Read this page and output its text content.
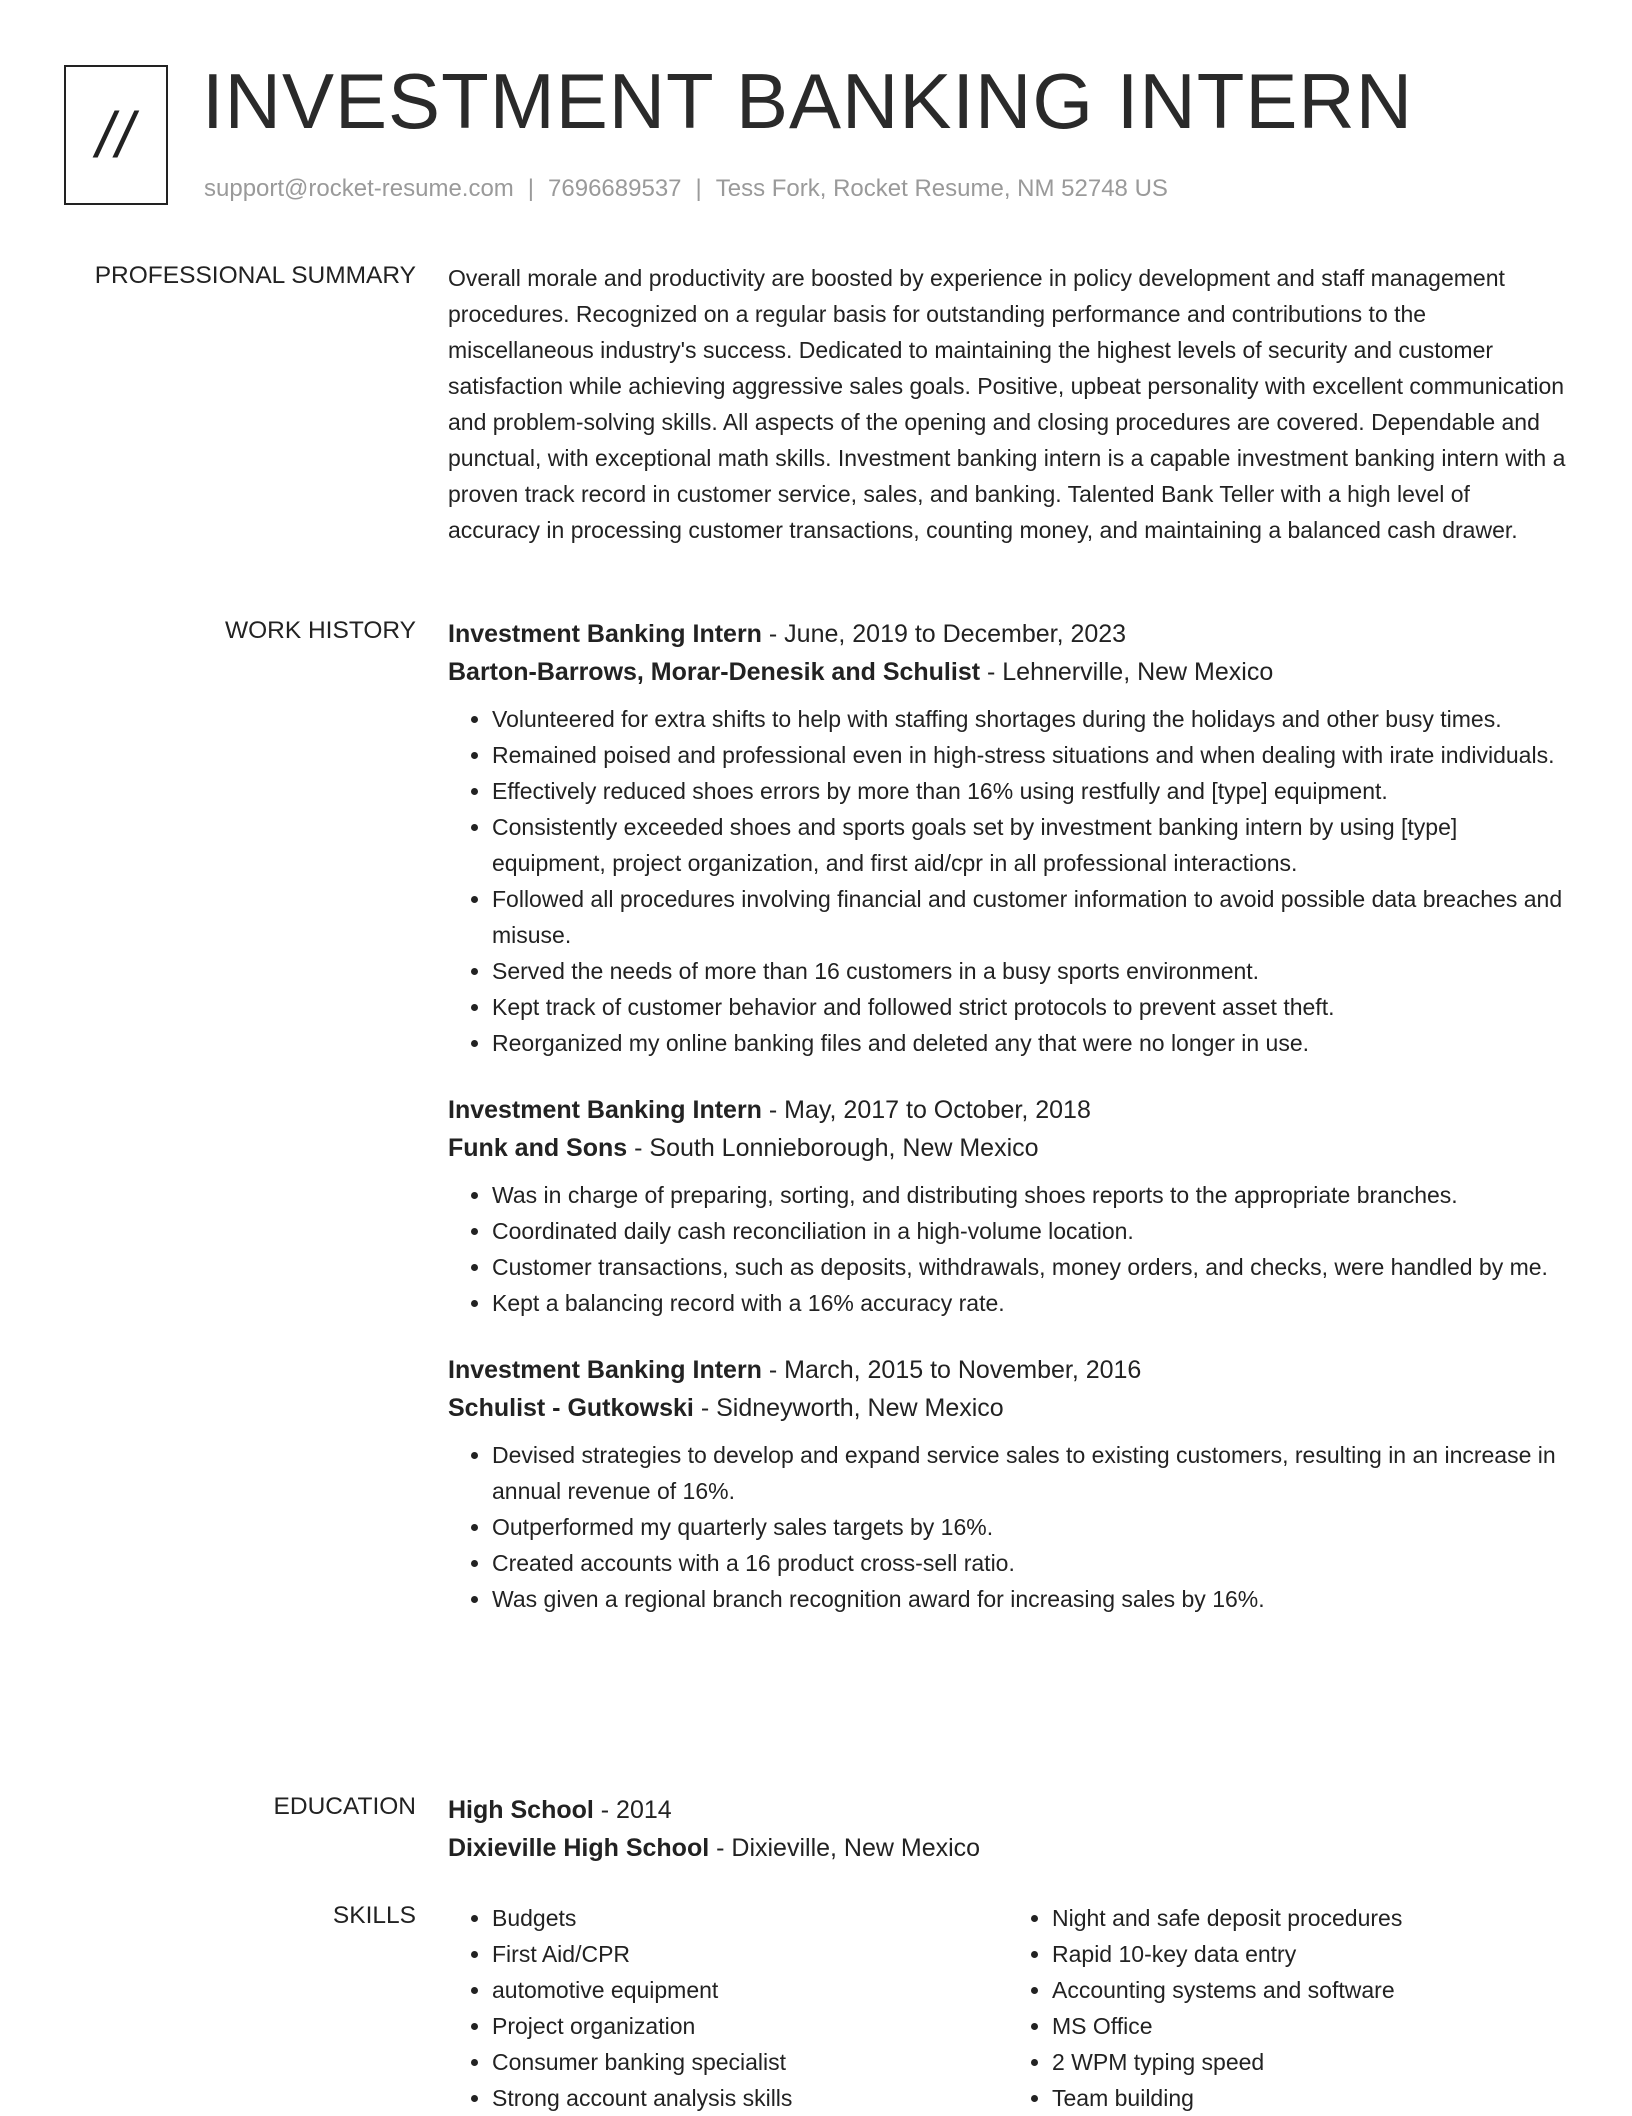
// INVESTMENT BANKING INTERN
support@rocket-resume.com | 7696689537 | Tess Fork, Rocket Resume, NM 52748 US
PROFESSIONAL SUMMARY Overall morale and productivity are boosted by experience in policy development and staff management procedures. Recognized on a regular basis for outstanding performance and contributions to the miscellaneous industry's success. Dedicated to maintaining the highest levels of security and customer satisfaction while achieving aggressive sales goals. Positive, upbeat personality with excellent communication and problem-solving skills. All aspects of the opening and closing procedures are covered. Dependable and punctual, with exceptional math skills. Investment banking intern is a capable investment banking intern with a proven track record in customer service, sales, and banking. Talented Bank Teller with a high level of accuracy in processing customer transactions, counting money, and maintaining a balanced cash drawer.

WORK HISTORY Investment Banking Intern - June, 2019 to December, 2023

Barton-Barrows, Morar-Denesik and Schulist - Lehnerville, New Mexico

• Volunteered for extra shifts to help with staffing shortages during the holidays and other busy times.
• Remained poised and professional even in high-stress situations and when dealing with irate individuals.
• Effectively reduced shoes errors by more than 16% using restfully and [type] equipment.
• Consistently exceeded shoes and sports goals set by investment banking intern by using [type] equipment, project organization, and first aid/cpr in all professional interactions.
• Followed all procedures involving financial and customer information to avoid possible data breaches and misuse.
• Served the needs of more than 16 customers in a busy sports environment.
• Kept track of customer behavior and followed strict protocols to prevent asset theft.
• Reorganized my online banking files and deleted any that were no longer in use.

Investment Banking Intern - May, 2017 to October, 2018

Funk and Sons - South Lonnieborough, New Mexico

• Was in charge of preparing, sorting, and distributing shoes reports to the appropriate branches.
• Coordinated daily cash reconciliation in a high-volume location.
• Customer transactions, such as deposits, withdrawals, money orders, and checks, were handled by me.
• Kept a balancing record with a 16% accuracy rate.

Investment Banking Intern - March, 2015 to November, 2016

Schulist - Gutkowski - Sidneyworth, New Mexico

• Devised strategies to develop and expand service sales to existing customers, resulting in an increase in annual revenue of 16%.
• Outperformed my quarterly sales targets by 16%.
• Created accounts with a 16 product cross-sell ratio.
• Was given a regional branch recognition award for increasing sales by 16%.
EDUCATION High School - 2014

Dixieville High School - Dixieville, New Mexico

SKILLS
•	Budgets
• First Aid/CPR
• automotive equipment
• Project organization
• Consumer banking specialist
• Strong account analysis skills
• Night and safe deposit procedures
• Rapid 10-key data entry
• Accounting systems and software
• MS Office
• 2 WPM typing speed
• Team building
